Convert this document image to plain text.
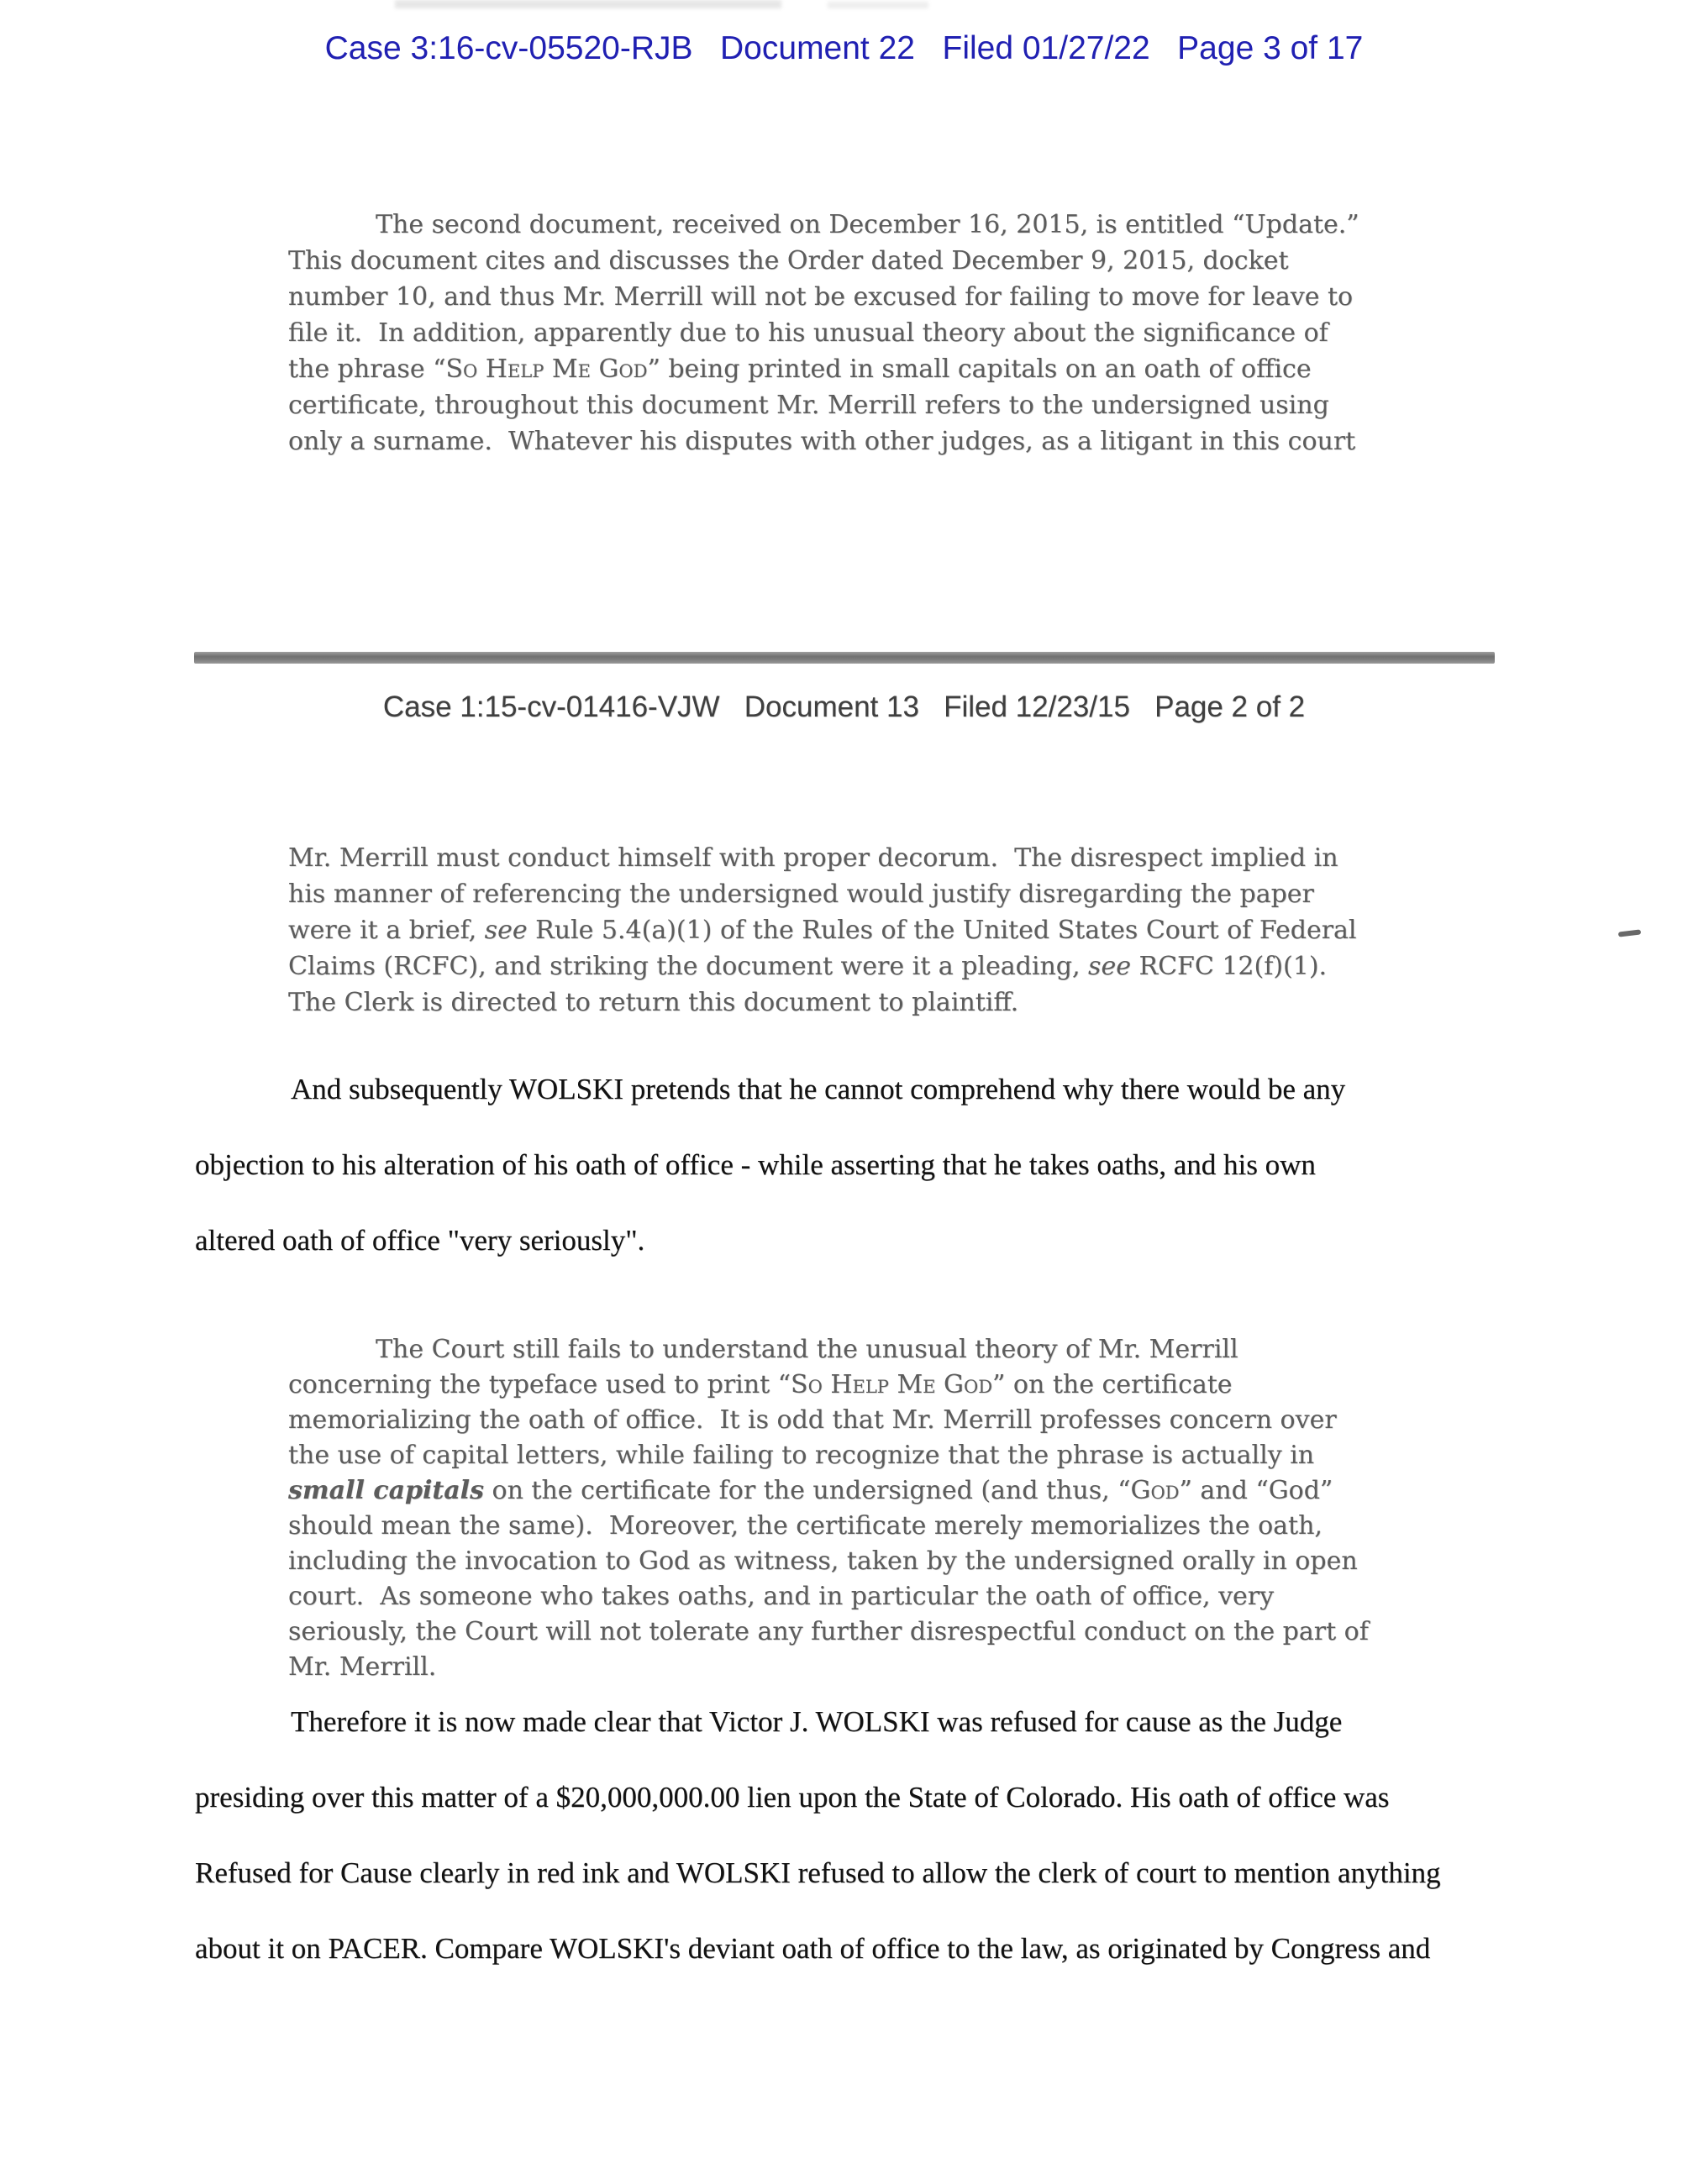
Case 3:16-cv-05520-RJB   Document 22   Filed 01/27/22   Page 3 of 17
The second document, received on December 16, 2015, is entitled “Update.”
This document cites and discusses the Order dated December 9, 2015, docket
number 10, and thus Mr. Merrill will not be excused for failing to move for leave to
file it.  In addition, apparently due to his unusual theory about the significance of
the phrase “So Help Me God” being printed in small capitals on an oath of office
certificate, throughout this document Mr. Merrill refers to the undersigned using
only a surname.  Whatever his disputes with other judges, as a litigant in this court
Case 1:15-cv-01416-VJW   Document 13   Filed 12/23/15   Page 2 of 2
Mr. Merrill must conduct himself with proper decorum.  The disrespect implied in
his manner of referencing the undersigned would justify disregarding the paper
were it a brief, see Rule 5.4(a)(1) of the Rules of the United States Court of Federal
Claims (RCFC), and striking the document were it a pleading, see RCFC 12(f)(1).
The Clerk is directed to return this document to plaintiff.
And subsequently WOLSKI pretends that he cannot comprehend why there would be any
objection to his alteration of his oath of office - while asserting that he takes oaths, and his own
altered oath of office "very seriously".
The Court still fails to understand the unusual theory of Mr. Merrill
concerning the typeface used to print “So Help Me God” on the certificate
memorializing the oath of office.  It is odd that Mr. Merrill professes concern over
the use of capital letters, while failing to recognize that the phrase is actually in
small capitals on the certificate for the undersigned (and thus, “God” and “God”
should mean the same).  Moreover, the certificate merely memorializes the oath,
including the invocation to God as witness, taken by the undersigned orally in open
court.  As someone who takes oaths, and in particular the oath of office, very
seriously, the Court will not tolerate any further disrespectful conduct on the part of
Mr. Merrill.
Therefore it is now made clear that Victor J. WOLSKI was refused for cause as the Judge
presiding over this matter of a $20,000,000.00 lien upon the State of Colorado. His oath of office was
Refused for Cause clearly in red ink and WOLSKI refused to allow the clerk of court to mention anything
about it on PACER. Compare WOLSKI's deviant oath of office to the law, as originated by Congress and
